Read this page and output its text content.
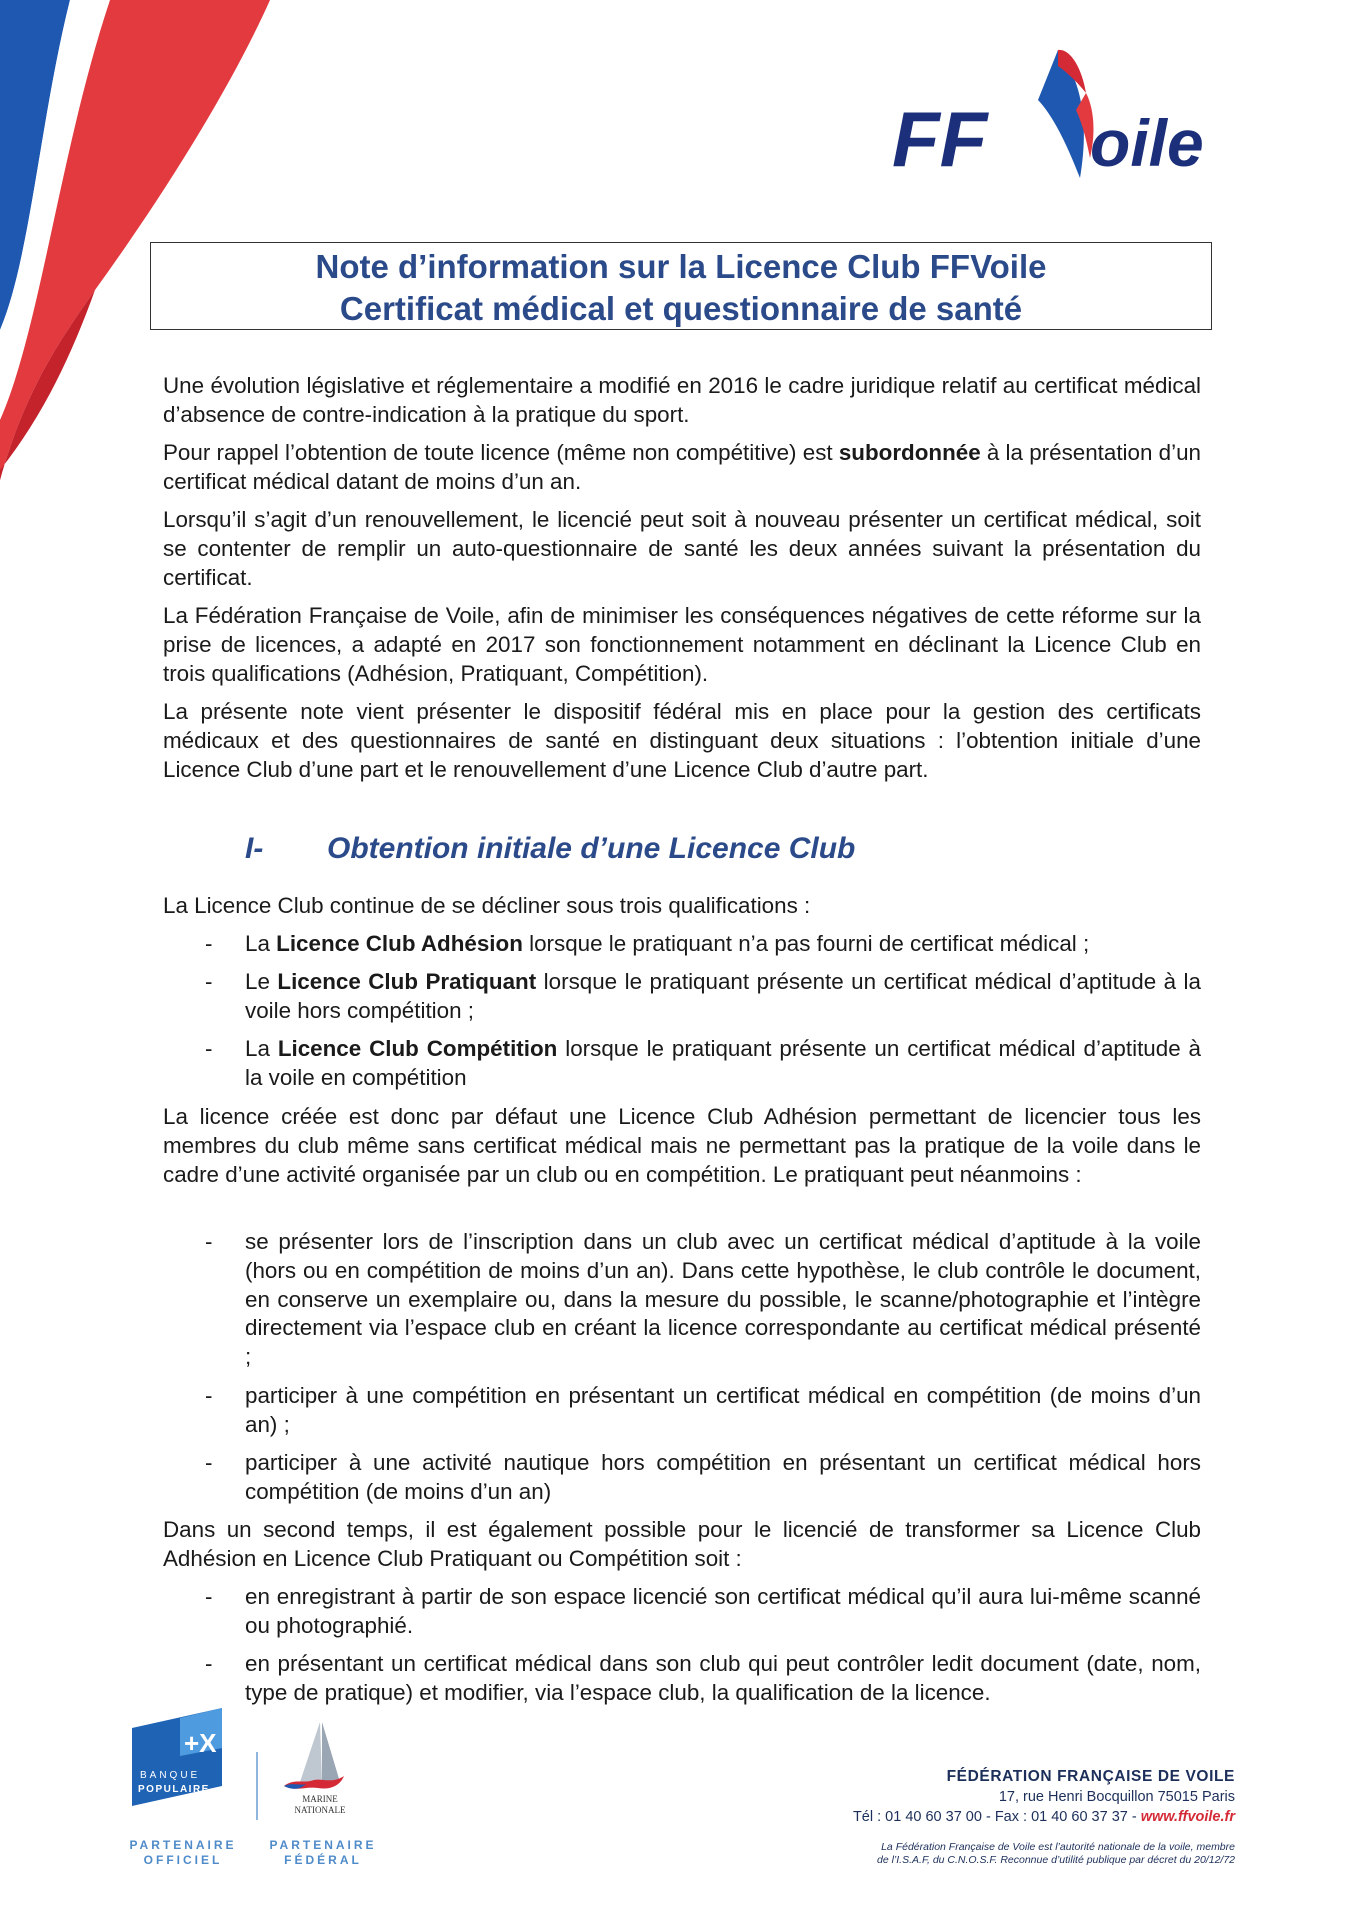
FF oile
Note d’information sur la Licence Club FFVoile
Certificat médical et questionnaire de santé

Une évolution législative et réglementaire a modifié en 2016 le cadre juridique relatif au certificat médical d’absence de contre-indication à la pratique du sport.

Pour rappel l’obtention de toute licence (même non compétitive) est subordonnée à la présentation d’un certificat médical datant de moins d’un an.

Lorsqu’il s’agit d’un renouvellement, le licencié peut soit à nouveau présenter un certificat médical, soit se contenter de remplir un auto-questionnaire de santé les deux années suivant la présentation du certificat.

La Fédération Française de Voile, afin de minimiser les conséquences négatives de cette réforme sur la prise de licences, a adapté en 2017 son fonctionnement notamment en déclinant la Licence Club en trois qualifications (Adhésion, Pratiquant, Compétition).

La présente note vient présenter le dispositif fédéral mis en place pour la gestion des certificats médicaux et des questionnaires de santé en distinguant deux situations : l’obtention initiale d’une Licence Club d’une part et le renouvellement d’une Licence Club d’autre part.

I- Obtention initiale d’une Licence Club

La Licence Club continue de se décliner sous trois qualifications :

- La Licence Club Adhésion lorsque le pratiquant n’a pas fourni de certificat médical ;
- Le Licence Club Pratiquant lorsque le pratiquant présente un certificat médical d’aptitude à la voile hors compétition ;
- La Licence Club Compétition lorsque le pratiquant présente un certificat médical d’aptitude à la voile en compétition

La licence créée est donc par défaut une Licence Club Adhésion permettant de licencier tous les membres du club même sans certificat médical mais ne permettant pas la pratique de la voile dans le cadre d’une activité organisée par un club ou en compétition. Le pratiquant peut néanmoins :

- se présenter lors de l’inscription dans un club avec un certificat médical d’aptitude à la voile (hors ou en compétition de moins d’un an). Dans cette hypothèse, le club contrôle le document, en conserve un exemplaire ou, dans la mesure du possible, le scanne/photographie et l’intègre directement via l’espace club en créant la licence correspondante au certificat médical présenté ;
- participer à une compétition en présentant un certificat médical en compétition (de moins d’un an) ;
- participer à une activité nautique hors compétition en présentant un certificat médical hors compétition (de moins d’un an)

Dans un second temps, il est également possible pour le licencié de transformer sa Licence Club Adhésion en Licence Club Pratiquant ou Compétition soit :

- en enregistrant à partir de son espace licencié son certificat médical qu’il aura lui-même scanné ou photographié.
- en présentant un certificat médical dans son club qui peut contrôler ledit document (date, nom, type de pratique) et modifier, via l’espace club, la qualification de la licence.
+X
BANQUE
POPULAIRE
PARTENAIRE
OFFICIEL
MARINE
NATIONALE
PARTENAIRE
FÉDÉRAL
FÉDÉRATION FRANÇAISE DE VOILE
17, rue Henri Bocquillon 75015 Paris
Tél : 01 40 60 37 00 - Fax : 01 40 60 37 37 - www.ffvoile.fr
La Fédération Française de Voile est l’autorité nationale de la voile, membre
de l’I.S.A.F, du C.N.O.S.F. Reconnue d’utilité publique par décret du 20/12/72
